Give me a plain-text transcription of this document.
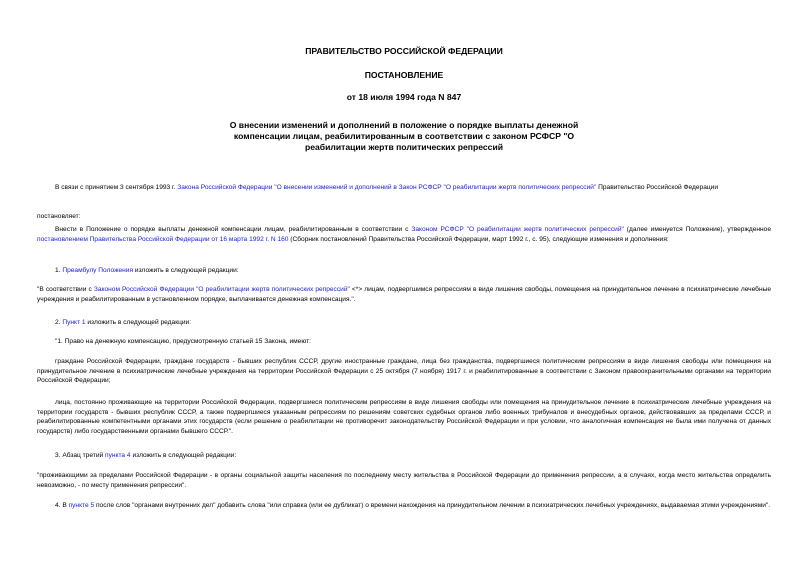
ПРАВИТЕЛЬСТВО РОССИЙСКОЙ ФЕДЕРАЦИИ
ПОСТАНОВЛЕНИЕ
от 18 июля 1994 года N 847
О внесении изменений и дополнений в положение о порядке выплаты денежной компенсации лицам, реабилитированным в соответствии с законом РСФСР "О реабилитации жертв политических репрессий
В связи с принятием 3 сентября 1993 г. Закона Российской Федерации "О внесении изменений и дополнений в Закон РСФСР "О реабилитации жертв политических репрессий" Правительство Российской Федерации
постановляет:
Внести в Положение о порядке выплаты денежной компенсации лицам, реабилитированным в соответствии с Законом РСФСР "О реабилитации жертв политических репрессий" (далее именуется Положение), утвержденное постановлением Правительства Российской Федерации от 16 марта 1992 г. N 160 (Сборник постановлений Правительства Российской Федерации, март 1992 г., с. 95), следующие изменения и дополнения:
1. Преамбулу Положения изложить в следующей редакции:
"В соответствии с Законом Российской Федерации "О реабилитации жертв политических репрессий" <*> лицам, подвергшимся репрессиям в виде лишения свободы, помещения на принудительное лечение в психиатрические лечебные учреждения и реабилитированным в установленном порядке, выплачивается денежная компенсация.".
2. Пункт 1 изложить в следующей редакции:
"1. Право на денежную компенсацию, предусмотренную статьей 15 Закона, имеют:
граждане Российской Федерации, граждане государств - бывших республик СССР, другие иностранные граждане, лица без гражданства, подвергшиеся политическим репрессиям в виде лишения свободы или помещения на принудительное лечение в психиатрические лечебные учреждения на территории Российской Федерации с 25 октября (7 ноября) 1917 г. и реабилитированные в соответствии с Законом правоохранительными органами на территории Российской Федерации;
лица, постоянно проживающие на территории Российской Федерации, подвергшиеся политическим репрессиям в виде лишения свободы или помещения на принудительное лечение в психиатрические лечебные учреждения на территории государств - бывших республик СССР, а также подвергшиеся указанным репрессиям по решениям советских судебных органов либо военных трибуналов и внесудебных органов, действовавших за пределами СССР, и реабилитированные компетентными органами этих государств (если решение о реабилитации не противоречит законодательству Российской Федерации и при условии, что аналогичная компенсация не была ими получена от данных государств) либо государственными органами бывшего СССР.".
3. Абзац третий пункта 4 изложить в следующей редакции:
"проживающими за пределами Российской Федерации - в органы социальной защиты населения по последнему месту жительства в Российской Федерации до применения репрессии, а в случаях, когда место жительства определить невозможно, - по месту применения репрессии".
4. В пункте 5 после слов "органами внутренних дел" добавить слова "или справка (или ее дубликат) о времени нахождения на принудительном лечении в психиатрических лечебных учреждениях, выдаваемая этими учреждениями".
